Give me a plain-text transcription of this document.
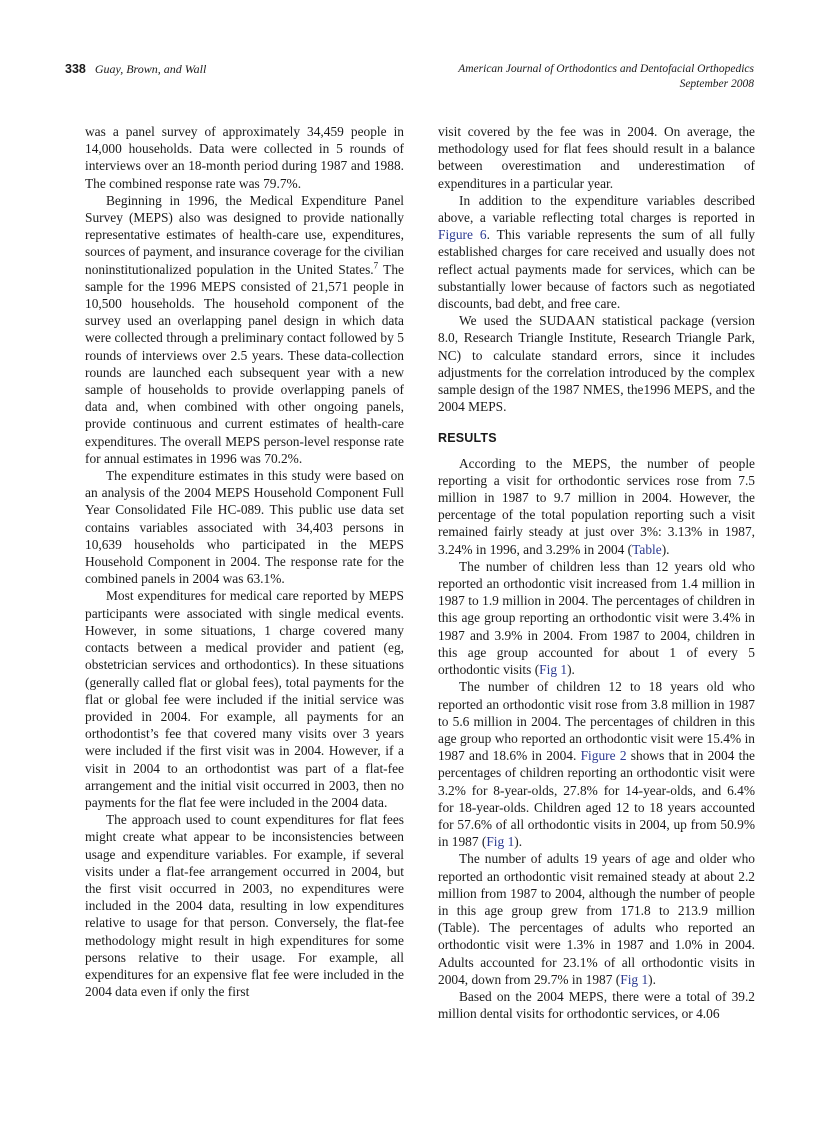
338 Guay, Brown, and Wall	American Journal of Orthodontics and Dentofacial Orthopedics
September 2008

was a panel survey of approximately 34,459 people in 14,000 households. Data were collected in 5 rounds of interviews over an 18-month period during 1987 and 1988. The combined response rate was 79.7%.

Beginning in 1996, the Medical Expenditure Panel Survey (MEPS) also was designed to provide nationally representative estimates of health-care use, expenditures, sources of payment, and insurance coverage for the civilian noninstitutionalized population in the United States.$^7$ The sample for the 1996 MEPS consisted of 21,571 people in 10,500 households. The household component of the survey used an overlapping panel design in which data were collected through a preliminary contact followed by 5 rounds of interviews over 2.5 years. These data-collection rounds are launched each subsequent year with a new sample of households to provide overlapping panels of data and, when combined with other ongoing panels, provide continuous and current estimates of health-care expenditures. The overall MEPS person-level response rate for annual estimates in 1996 was 70.2%.

The expenditure estimates in this study were based on an analysis of the 2004 MEPS Household Component Full Year Consolidated File HC-089. This public use data set contains variables associated with 34,403 persons in 10,639 households who participated in the MEPS Household Component in 2004. The response rate for the combined panels in 2004 was 63.1%.

Most expenditures for medical care reported by MEPS participants were associated with single medical events. However, in some situations, 1 charge covered many contacts between a medical provider and patient (eg, obstetrician services and orthodontics). In these situations (generally called flat or global fees), total payments for the flat or global fee were included if the initial service was provided in 2004. For example, all payments for an orthodontist’s fee that covered many visits over 3 years were included if the first visit was in 2004. However, if a visit in 2004 to an orthodontist was part of a flat-fee arrangement and the initial visit occurred in 2003, then no payments for the flat fee were included in the 2004 data.

The approach used to count expenditures for flat fees might create what appear to be inconsistencies between usage and expenditure variables. For example, if several visits under a flat-fee arrangement occurred in 2004, but the first visit occurred in 2003, no expenditures were included in the 2004 data, resulting in low expenditures relative to usage for that person. Conversely, the flat-fee methodology might result in high expenditures for some persons relative to their usage. For example, all expenditures for an expensive flat fee were included in the 2004 data even if only the first

visit covered by the fee was in 2004. On average, the methodology used for flat fees should result in a balance between overestimation and underestimation of expenditures in a particular year.

In addition to the expenditure variables described above, a variable reflecting total charges is reported in Figure 6. This variable represents the sum of all fully established charges for care received and usually does not reflect actual payments made for services, which can be substantially lower because of factors such as negotiated discounts, bad debt, and free care.

We used the SUDAAN statistical package (version 8.0, Research Triangle Institute, Research Triangle Park, NC) to calculate standard errors, since it includes adjustments for the correlation introduced by the complex sample design of the 1987 NMES, the1996 MEPS, and the 2004 MEPS.

RESULTS

According to the MEPS, the number of people reporting a visit for orthodontic services rose from 7.5 million in 1987 to 9.7 million in 2004. However, the percentage of the total population reporting such a visit remained fairly steady at just over 3%: 3.13% in 1987, 3.24% in 1996, and 3.29% in 2004 (Table).

The number of children less than 12 years old who reported an orthodontic visit increased from 1.4 million in 1987 to 1.9 million in 2004. The percentages of children in this age group reporting an orthodontic visit were 3.4% in 1987 and 3.9% in 2004. From 1987 to 2004, children in this age group accounted for about 1 of every 5 orthodontic visits (Fig 1).

The number of children 12 to 18 years old who reported an orthodontic visit rose from 3.8 million in 1987 to 5.6 million in 2004. The percentages of children in this age group who reported an orthodontic visit were 15.4% in 1987 and 18.6% in 2004. Figure 2 shows that in 2004 the percentages of children reporting an orthodontic visit were 3.2% for 8-year-olds, 27.8% for 14-year-olds, and 6.4% for 18-year-olds. Children aged 12 to 18 years accounted for 57.6% of all orthodontic visits in 2004, up from 50.9% in 1987 (Fig 1).

The number of adults 19 years of age and older who reported an orthodontic visit remained steady at about 2.2 million from 1987 to 2004, although the number of people in this age group grew from 171.8 to 213.9 million (Table). The percentages of adults who reported an orthodontic visit were 1.3% in 1987 and 1.0% in 2004. Adults accounted for 23.1% of all orthodontic visits in 2004, down from 29.7% in 1987 (Fig 1).

Based on the 2004 MEPS, there were a total of 39.2 million dental visits for orthodontic services, or 4.06
